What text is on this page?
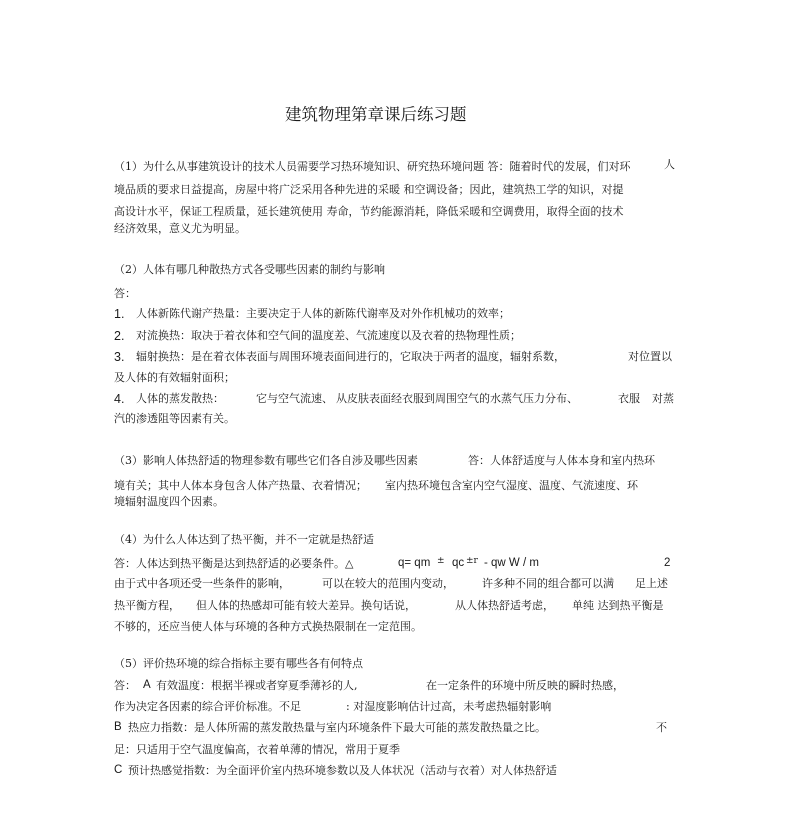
建筑物理第章课后练习题
（1）为什么从事建筑设计的技术人员需要学习热环境知识、研究热环境问题 答：随着时代的发展，们对环	人
境品质的要求日益提高，房屋中将广泛采用各种先进的采暖 和空调设备；因此，建筑热工学的知识，对提
高设计水平，保证工程质量，延长建筑使用 寿命，节约能源消耗，降低采暖和空调费用，取得全面的技术
经济效果，意义尤为明显。
（2）人体有哪几种散热方式各受哪些因素的制约与影响
答：
1. 人体新陈代谢产热量：主要决定于人体的新陈代谢率及对外作机械功的效率；
2. 对流换热：取决于着衣体和空气间的温度差、气流速度以及衣着的热物理性质；
3. 辐射换热：是在着衣体表面与周围环境表面间进行的，它取决于两者的温度，辐射系数，	对位置以
及人体的有效辐射面积；
4. 人体的蒸发散热：	它与空气流速、 从皮肤表面经衣服到周围空气的水蒸气压力分布、	衣服 对蒸
汽的渗透阻等因素有关。
（3）影响人体热舒适的物理参数有哪些它们各自涉及哪些因素	答：人体舒适度与人体本身和室内热环
境有关；其中人体本身包含人体产热量、衣着情况； 室内热环境包含室内空气湿度、温度、气流速度、环
境辐射温度四个因素。
（4）为什么人体达到了热平衡，并不一定就是热舒适
答：人体达到热平衡是达到热舒适的必要条件。△	q= qm ± qc ±r - qw W / m	2
由于式中各项还受一些条件的影响，	可以在较大的范围内变动，	许多种不同的组合都可以满 足上述
热平衡方程， 但人体的热感却可能有较大差异。换句话说，	从人体热舒适考虑， 单纯 达到热平衡是
不够的，还应当使人体与环境的各种方式换热限制在一定范围。
（5）评价热环境的综合指标主要有哪些各有何特点
答： A 有效温度：根据半裸或者穿夏季薄衫的人,	在一定条件的环境中所反映的瞬时热感，
作为决定各因素的综合评价标准。不足	: 对湿度影响估计过高，未考虑热辐射影响
B 热应力指数：是人体所需的蒸发散热量与室内环境条件下最大可能的蒸发散热量之比。	不
足：只适用于空气温度偏高，衣着单薄的情况，常用于夏季
C 预计热感觉指数：为全面评价室内热环境参数以及人体状况（活动与衣着）对人体热舒适
